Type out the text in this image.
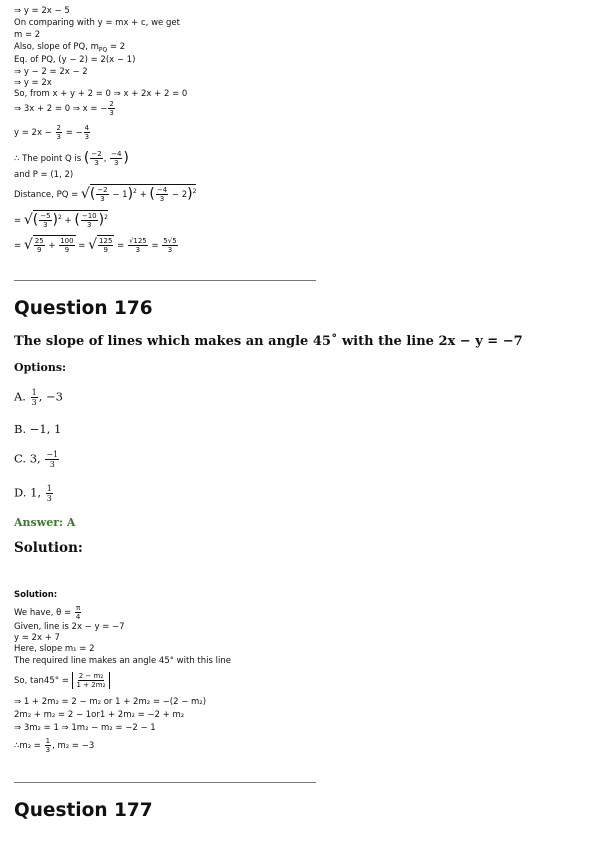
⇒ y = 2x − 5
On comparing with y = mx + c, we get
m = 2
Also, slope of PQ, $m_{PQ} = 2$
Eq. of PQ, (y − 2) = 2(x − 1)
⇒ y − 2 = 2x − 2
⇒ y = 2x
So, from x + y + 2 = 0 ⇒ x + 2x + 2 = 0
⇒ 3x + 2 = 0 ⇒ x = − $\frac{2}{3}$
$y = 2x - \frac{2}{3}$ = − $\frac{4}{3}$
∴ The point Q is ( $\frac{-2}{3}$ , $\frac{-4}{3}$ )
and P = (1, 2)
Distance, PQ = √( $\frac{-2}{3} - 1)^2$ + ( $\frac{-4}{3} - 2)^2$
= √( $\frac{-5}{3} )^2$ + ( $\frac{-10}{3} )^2$
= √ $\frac{25}{9} + \frac{100}{9}$ = √ $\frac{125}{9} = \frac{√125}{3} = \frac{5√5}{3}$
Question 176
The slope of lines which makes an angle 45˚ with the line 2x − y = −7
Options:
A. $\frac{1}{3}$ , −3
B. −1, 1
C. 3, $\frac{-1}{3}$
D. 1, $\frac{1}{3}$
Answer: A
Solution:
Solution:
We have, $\theta = \frac{\pi}{4}$
Given, line is 2x − y = −7
y = 2x + 7
Here, slope m₁ = 2
The required line makes an angle 45° with this line
So, $\tan 45^\circ = \frac{\text{2 − m₂}}{\text{1 + 2m₂}}$
⇒ 1 + 2m₂ = 2 − m₂ or 1 + 2m₂ = −(2 − m₂)
2m₂ + m₂ = 2 − 1or1 + 2m₂ = −2 + m₂
⇒ 3m₂ = 1 ⇒ 1m₂ − m₂ = −2 − 1
∴m₂ = $\frac{1}{3}$ , m₂ = −3
Question 177
